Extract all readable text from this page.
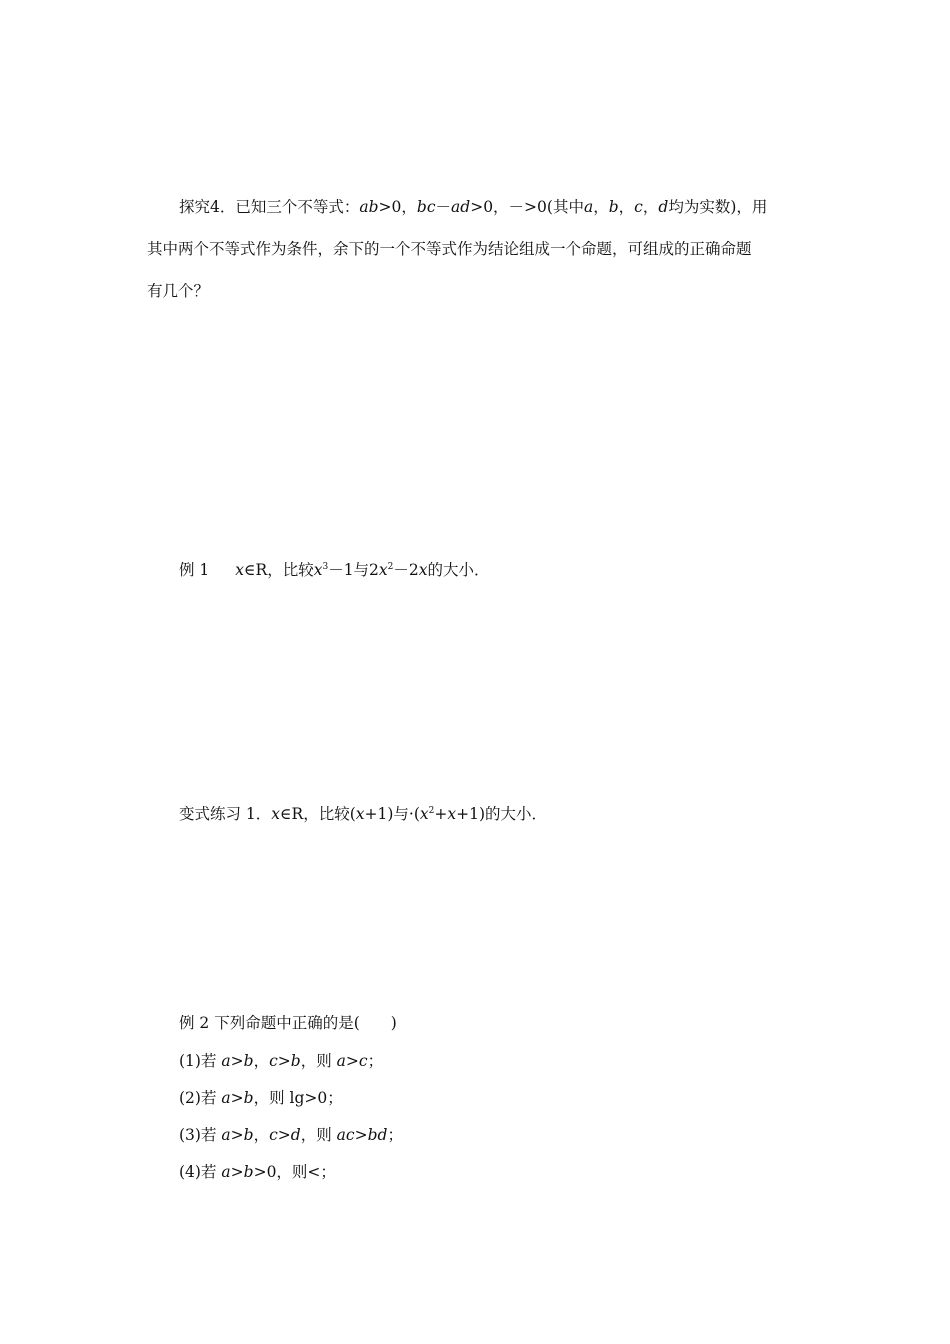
探究4．已知三个不等式：ab>0，bc－ad>0，－>0(其中a，b，c，d均为实数)，用
其中两个不等式作为条件，余下的一个不等式作为结论组成一个命题，可组成的正确命题
有几个？
例 1 x∈R，比较$x^3-1$与$2x^2-2x$的大小．
变式练习 1．x∈R，比较(x+1)与$\cdot(x^2+x+1)$的大小．
例 2 下列命题中正确的是(　　)
(1)若 a>b，c>b，则 a>c；
(2)若 a>b，则 lg>0；
(3)若 a>b，c>d，则 ac>bd；
(4)若 a>b>0，则<；
